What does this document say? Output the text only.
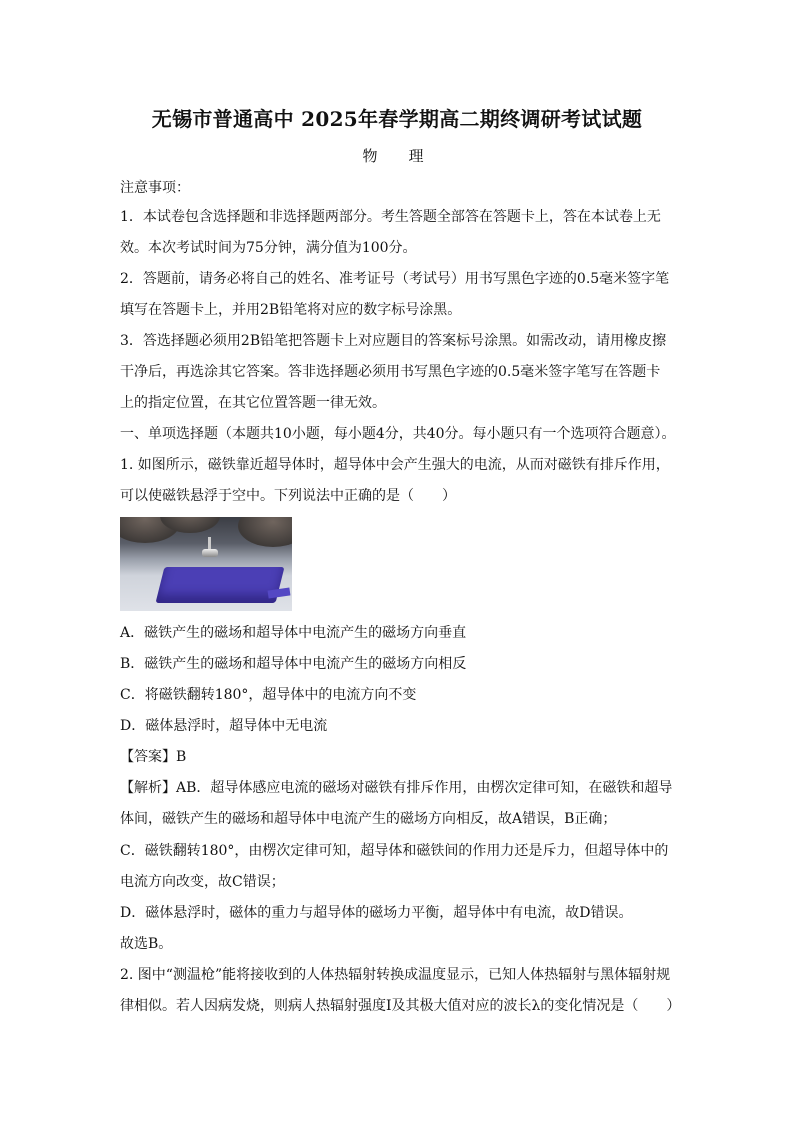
无锡市普通高中 2025年春学期高二期终调研考试试题
物　理
注意事项：
1．本试卷包含选择题和非选择题两部分。考生答题全部答在答题卡上，答在本试卷上无
效。本次考试时间为75分钟，满分值为100分。
2．答题前，请务必将自己的姓名、准考证号（考试号）用书写黑色字迹的0.5毫米签字笔
填写在答题卡上，并用2B铅笔将对应的数字标号涂黑。
3．答选择题必须用2B铅笔把答题卡上对应题目的答案标号涂黑。如需改动，请用橡皮擦
干净后，再选涂其它答案。答非选择题必须用书写黑色字迹的0.5毫米签字笔写在答题卡
上的指定位置，在其它位置答题一律无效。
一、单项选择题（本题共10小题，每小题4分，共40分。每小题只有一个选项符合题意）。
1. 如图所示，磁铁靠近超导体时，超导体中会产生强大的电流，从而对磁铁有排斥作用，
可以使磁铁悬浮于空中。下列说法中正确的是（　　）
A．磁铁产生的磁场和超导体中电流产生的磁场方向垂直
B．磁铁产生的磁场和超导体中电流产生的磁场方向相反
C．将磁铁翻转180°，超导体中的电流方向不变
D．磁体悬浮时，超导体中无电流
【答案】B
【解析】AB．超导体感应电流的磁场对磁铁有排斥作用，由楞次定律可知，在磁铁和超导
体间，磁铁产生的磁场和超导体中电流产生的磁场方向相反，故A错误，B正确；
C．磁铁翻转180°，由楞次定律可知，超导体和磁铁间的作用力还是斥力，但超导体中的
电流方向改变，故C错误；
D．磁体悬浮时，磁体的重力与超导体的磁场力平衡，超导体中有电流，故D错误。
故选B。
2. 图中“测温枪”能将接收到的人体热辐射转换成温度显示，已知人体热辐射与黑体辐射规
律相似。若人因病发烧，则病人热辐射强度I及其极大值对应的波长λ的变化情况是（　　）
